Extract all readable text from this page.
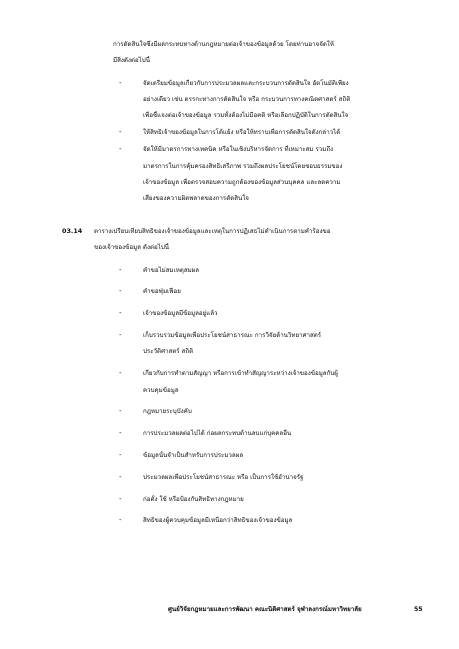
การตัดสินใจซึ่งมีผลกระทบทางด้านกฎหมายต่อเจ้าของข้อมูลด้วย โดยท่านอาจจัดให้
มีสิ่งดังต่อไปนี้
-	จัดเตรียมข้อมูลเกี่ยวกับการประมวลผลและกระบวนการตัดสินใจ อัตโนมัติเพียง
อย่างเดียว เช่น ตรรกะทางการตัดสินใจ หรือ กระบวนการทางคณิตศาสตร์ สถิติ
เพื่อชี้แจงต่อเจ้าของข้อมูล รวมทั้งต้องไม่มีอคติ หรือเลือกปฏิบัติในการตัดสินใจ
-	ให้สิทธิเจ้าของข้อมูลในการโต้แย้ง หรือให้ทราบเพื่อการตัดสินใจดังกล่าวได้
-	จัดให้มีมาตรการทางเทคนิค หรือในเชิงบริหารจัดการ ที่เหมาะสม รวมถึง
มาตรการในการคุ้มครองสิทธิเสรีภาพ รวมถึงผลประโยชน์โดยชอบธรรมของ
เจ้าของข้อมูล เพื่อตรวจสอบความถูกต้องของข้อมูลส่วนบุคคล และลดความ
เสี่ยงของความผิดพลาดของการตัดสินใจ
03.14 ตารางเปรียบเทียบสิทธิของเจ้าของข้อมูลและเหตุในการปฏิเสธไม่ดำเนินการตามคำร้องขอ
ของเจ้าของข้อมูล ดังต่อไปนี้
-	คำขอไม่สมเหตุสมผล
-	คำขอฟุ่มเฟือย
-	เจ้าของข้อมูลมีข้อมูลอยู่แล้ว
-	เก็บรวบรวมข้อมูลเพื่อประโยชน์สาธารณะ การวิจัยด้านวิทยาศาสตร์
ประวัติศาสตร์ สถิติ
-	เกี่ยวกับการทำตามสัญญา หรือการเข้าทำสัญญาระหว่างเจ้าของข้อมูลกับผู้
ควบคุมข้อมูล
-	กฎหมายระบุบังคับ
-	การประมวลผลต่อไปได้ ก่อผลกระทบด้านลบแก่บุคคลอื่น
-	ข้อมูลนั้นจำเป็นสำหรับการประมวลผล
-	ประมวลผลเพื่อประโยชน์สาธารณะ หรือ เป็นการใช้อำนาจรัฐ
-	ก่อตั้ง ใช้ หรือป้องกันสิทธิทางกฎหมาย
-	สิทธิของผู้ควบคุมข้อมูลมีเหนือกว่าสิทธิของเจ้าของข้อมูล
ศูนย์วิจัยกฎหมายและการพัฒนา คณะนิติศาสตร์ จุฬาลงกรณ์มหาวิทยาลัย	55
